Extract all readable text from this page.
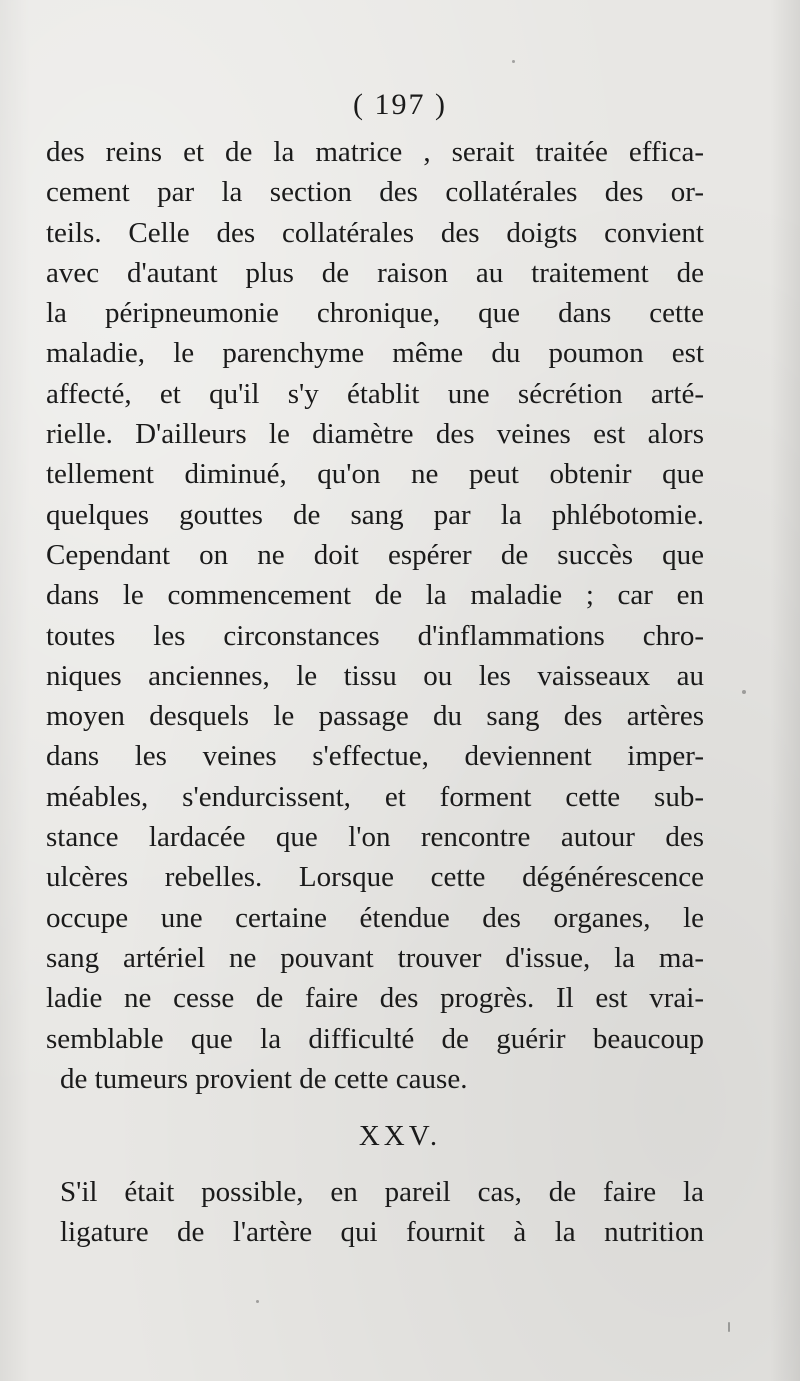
( 197 )
des reins et de la matrice , serait traitée effica-
cement par la section des collatérales des or-
teils. Celle des collatérales des doigts convient
avec d'autant plus de raison au traitement de
la péripneumonie chronique, que dans cette
maladie, le parenchyme même du poumon est
affecté, et qu'il s'y établit une sécrétion arté-
rielle. D'ailleurs le diamètre des veines est alors
tellement diminué, qu'on ne peut obtenir que
quelques gouttes de sang par la phlébotomie.
Cependant on ne doit espérer de succès que
dans le commencement de la maladie ; car en
toutes les circonstances d'inflammations chro-
niques anciennes, le tissu ou les vaisseaux au
moyen desquels le passage du sang des artères
dans les veines s'effectue, deviennent imper-
méables, s'endurcissent, et forment cette sub-
stance lardacée que l'on rencontre autour des
ulcères rebelles. Lorsque cette dégénérescence
occupe une certaine étendue des organes, le
sang artériel ne pouvant trouver d'issue, la ma-
ladie ne cesse de faire des progrès. Il est vrai-
semblable que la difficulté de guérir beaucoup
de tumeurs provient de cette cause.
XXV.
S'il était possible, en pareil cas, de faire la
ligature de l'artère qui fournit à la nutrition
